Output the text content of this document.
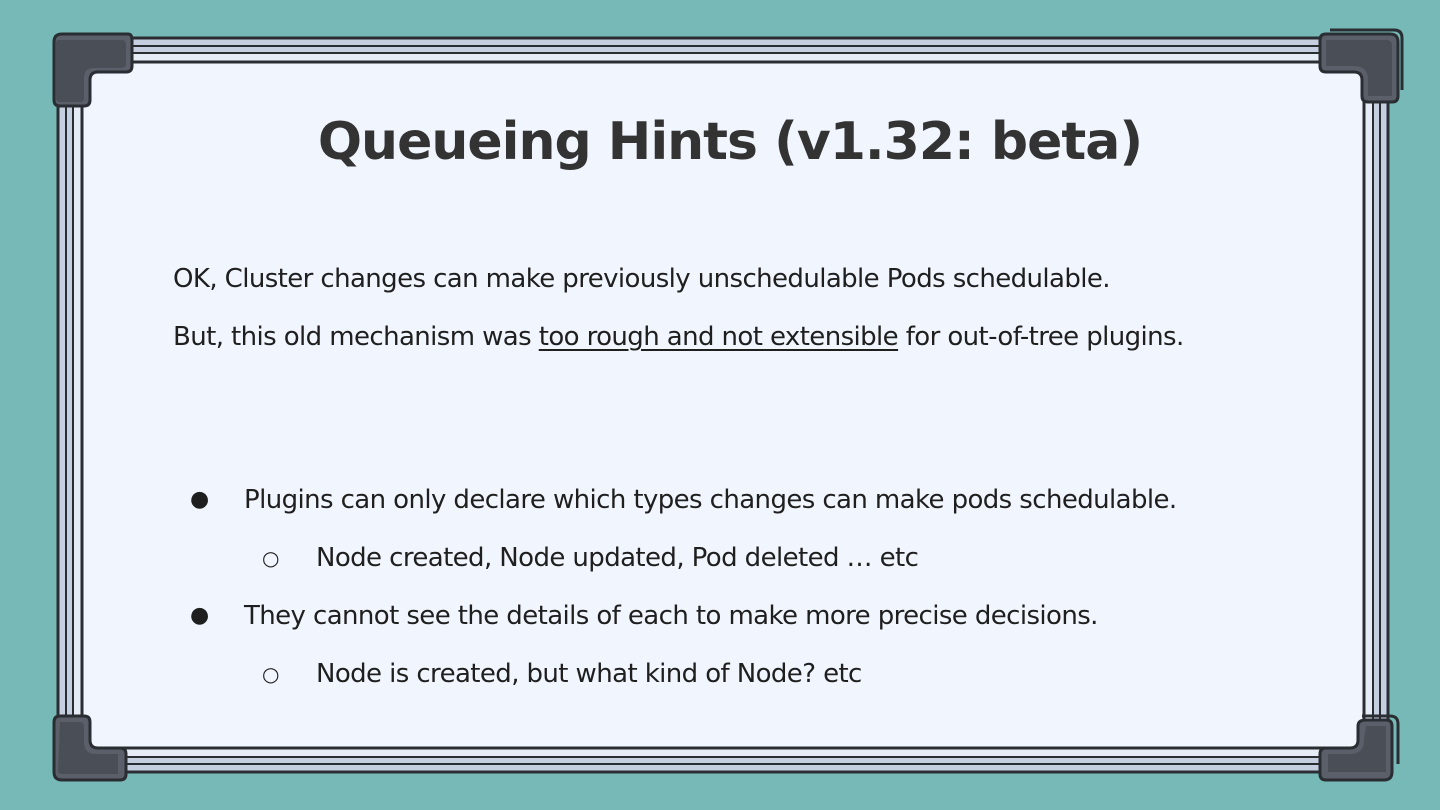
Queueing Hints (v1.32: beta)

OK, Cluster changes can make previously unschedulable Pods schedulable.

But, this old mechanism was too rough and not extensible for out-of-tree plugins.

● Plugins can only declare which types changes can make pods schedulable.
○ Node created, Node updated, Pod deleted … etc
● They cannot see the details of each to make more precise decisions.
○ Node is created, but what kind of Node? etc
